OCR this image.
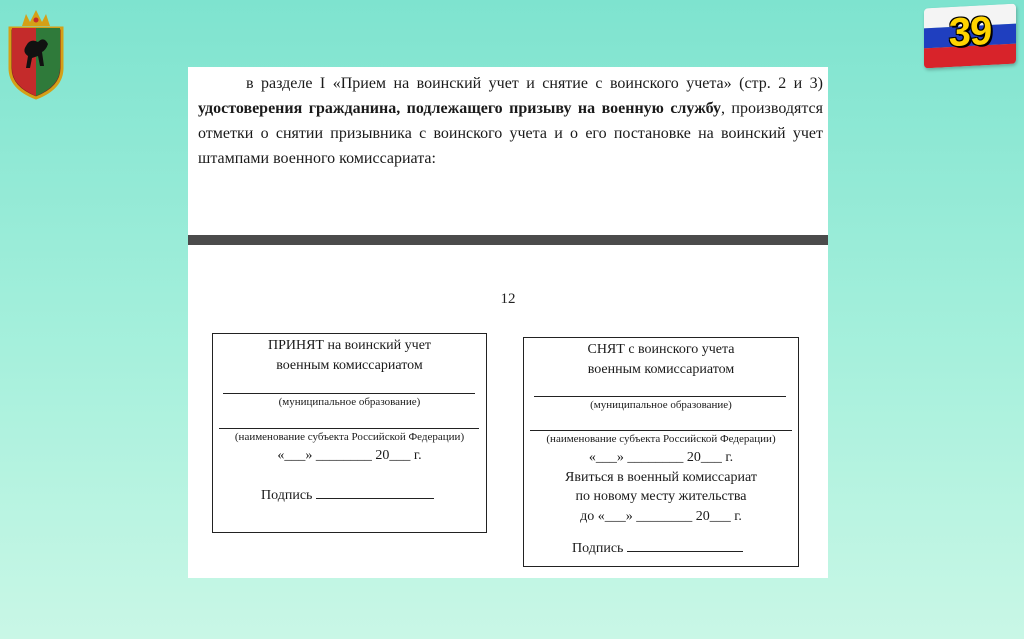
39
в разделе I «Прием на воинский учет и снятие с воинского учета» (стр. 2 и 3) удостоверения гражданина, подлежащего призыву на военную службу, производятся отметки о снятии призывника с воинского учета и о его постановке на воинский учет штампами военного комиссариата:
12
ПРИНЯТ на воинский учет
военным комиссариатом
(муниципальное образование)
(наименование субъекта Российской Федерации)
«___» ________ 20___ г.
Подпись
СНЯТ с воинского учета
военным комиссариатом
(муниципальное образование)
(наименование субъекта Российской Федерации)
«___» ________ 20___ г.
Явиться в военный комиссариат
по новому месту жительства
до «___» ________ 20___ г.
Подпись
